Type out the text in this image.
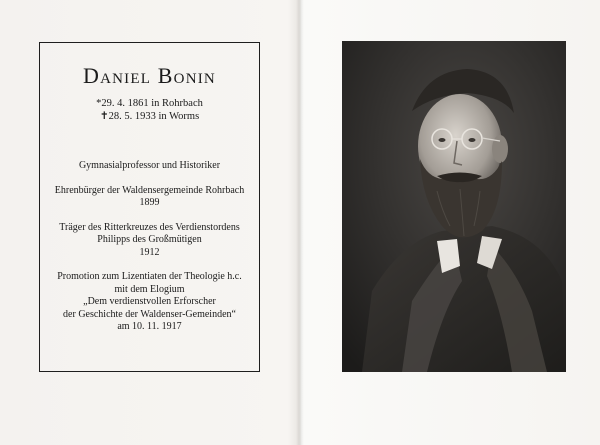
Daniel Bonin
*29. 4. 1861 in Rohrbach
✝28. 5. 1933 in Worms
Gymnasialprofessor und Historiker
Ehrenbürger der Waldensergemeinde Rohrbach
1899
Träger des Ritterkreuzes des Verdienstordens
Philipps des Großmütigen
1912
Promotion zum Lizentiaten der Theologie h.c.
mit dem Elogium
„Dem verdienstvollen Erforscher
der Geschichte der Waldenser-Gemeinden“
am 10. 11. 1917
